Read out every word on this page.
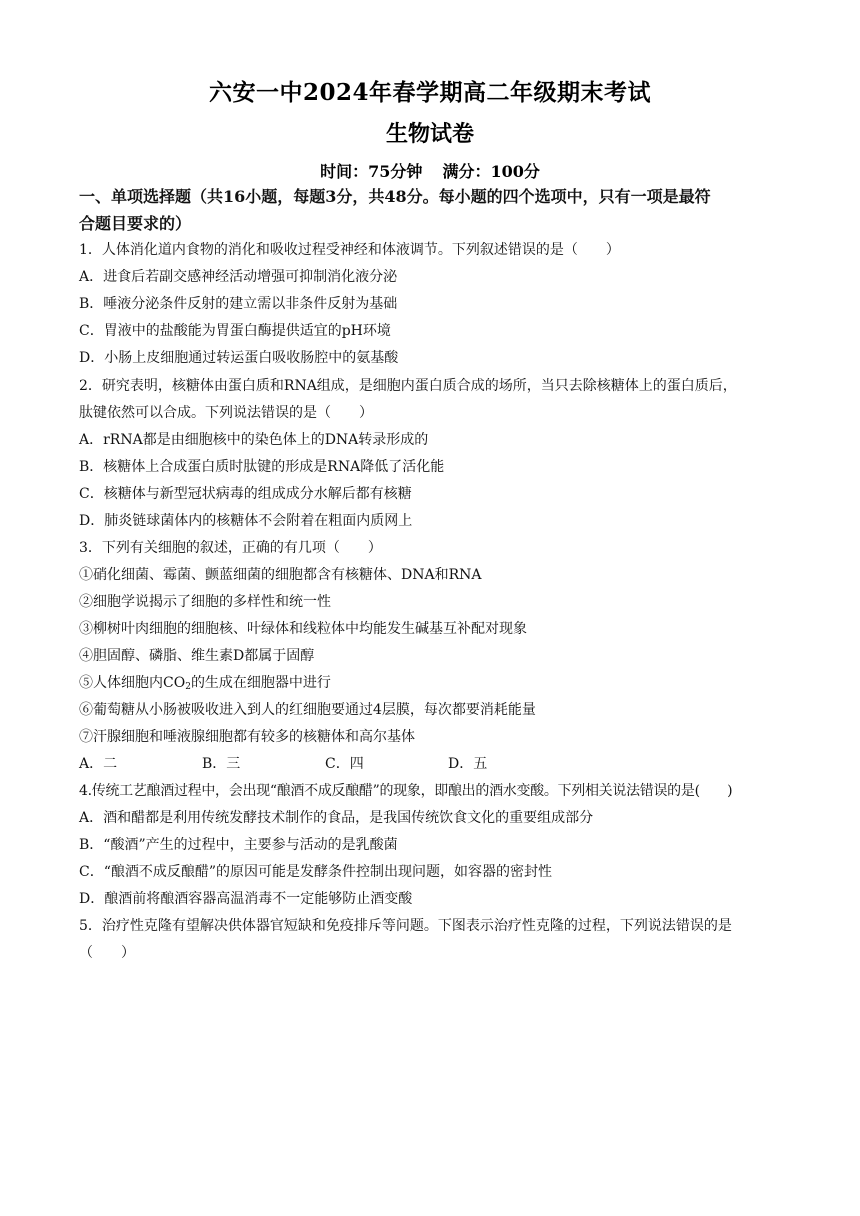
六安一中2024年春学期高二年级期末考试
生物试卷
时间：75分钟 满分：100分
一、单项选择题（共16小题，每题3分，共48分。每小题的四个选项中，只有一项是最符
合题目要求的）
1．人体消化道内食物的消化和吸收过程受神经和体液调节。下列叙述错误的是（　　）
A．进食后若副交感神经活动增强可抑制消化液分泌
B．唾液分泌条件反射的建立需以非条件反射为基础
C．胃液中的盐酸能为胃蛋白酶提供适宜的pH环境
D．小肠上皮细胞通过转运蛋白吸收肠腔中的氨基酸
2．研究表明，核糖体由蛋白质和RNA组成，是细胞内蛋白质合成的场所，当只去除核糖体上的蛋白质后，
肽键依然可以合成。下列说法错误的是（　　）
A．rRNA都是由细胞核中的染色体上的DNA转录形成的
B．核糖体上合成蛋白质时肽键的形成是RNA降低了活化能
C．核糖体与新型冠状病毒的组成成分水解后都有核糖
D．肺炎链球菌体内的核糖体不会附着在粗面内质网上
3．下列有关细胞的叙述，正确的有几项（　　）
①硝化细菌、霉菌、颤蓝细菌的细胞都含有核糖体、DNA和RNA
②细胞学说揭示了细胞的多样性和统一性
③柳树叶肉细胞的细胞核、叶绿体和线粒体中均能发生碱基互补配对现象
④胆固醇、磷脂、维生素D都属于固醇
⑤人体细胞内$CO_2$的生成在细胞器中进行
⑥葡萄糖从小肠被吸收进入到人的红细胞要通过4层膜，每次都要消耗能量
⑦汗腺细胞和唾液腺细胞都有较多的核糖体和高尔基体
A．二	B．三	C．四	D．五
4.传统工艺酿酒过程中，会出现“酿酒不成反酿醋”的现象，即酿出的酒水变酸。下列相关说法错误的是(　　)
A．酒和醋都是利用传统发酵技术制作的食品，是我国传统饮食文化的重要组成部分
B．“酸酒”产生的过程中，主要参与活动的是乳酸菌
C．“酿酒不成反酿醋”的原因可能是发酵条件控制出现问题，如容器的密封性
D．酿酒前将酿酒容器高温消毒不一定能够防止酒变酸
5．治疗性克隆有望解决供体器官短缺和免疫排斥等问题。下图表示治疗性克隆的过程，下列说法错误的是
（　　）
